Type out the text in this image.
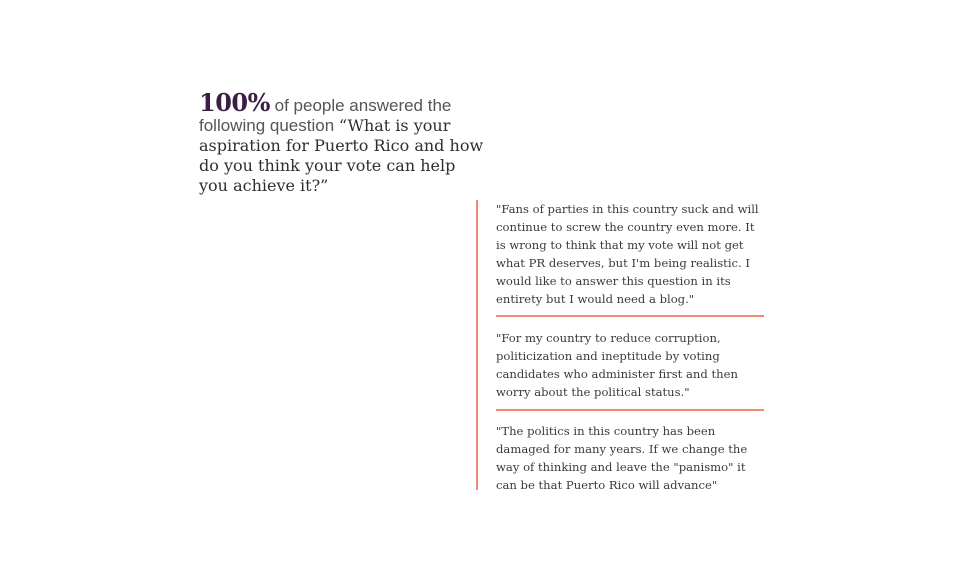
100% of people answered the following question “What is your aspiration for Puerto Rico and how do you think your vote can help you achieve it?”
"Fans of parties in this country suck and will continue to screw the country even more. It is wrong to think that my vote will not get what PR deserves, but I'm being realistic. I would like to answer this question in its entirety but I would need a blog."
"For my country to reduce corruption, politicization and ineptitude by voting candidates who administer first and then worry about the political status."
"The politics in this country has been damaged for many years. If we change the way of thinking and leave the "panismo" it can be that Puerto Rico will advance"
